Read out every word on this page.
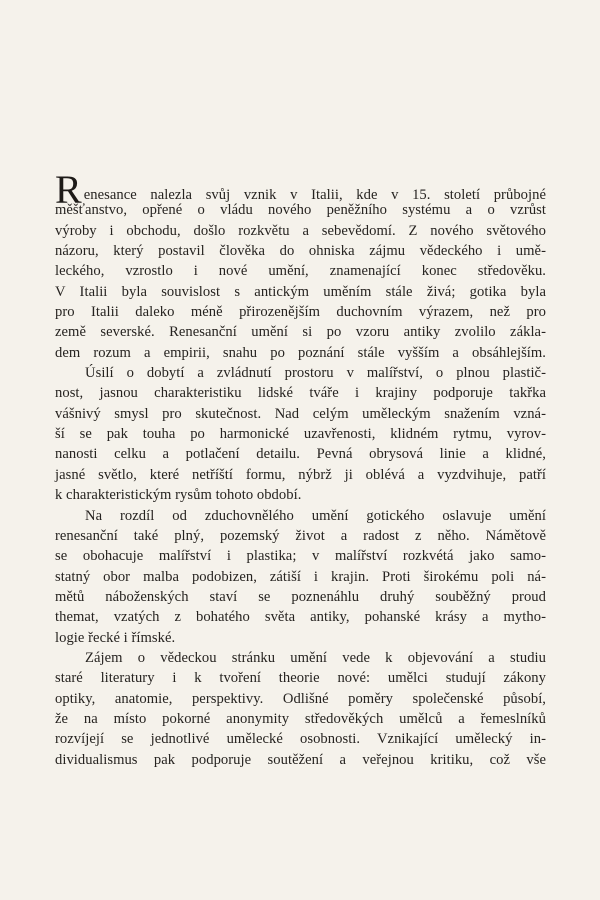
Renesance nalezla svůj vznik v Italii, kde v 15. století průbojné
měšťanstvo, opřené o vládu nového peněžního systému a o vzrůst
výroby i obchodu, došlo rozkvětu a sebevědomí. Z nového světového
názoru, který postavil člověka do ohniska zájmu vědeckého i umě-
leckého, vzrostlo i nové umění, znamenající konec středověku.
V Italii byla souvislost s antickým uměním stále živá; gotika byla
pro Italii daleko méně přirozenějším duchovním výrazem, než pro
země severské. Renesanční umění si po vzoru antiky zvolilo zákla-
dem rozum a empirii, snahu po poznání stále vyšším a obsáhlejším.
Úsilí o dobytí a zvládnutí prostoru v malířství, o plnou plastič-
nost, jasnou charakteristiku lidské tváře i krajiny podporuje takřka
vášnivý smysl pro skutečnost. Nad celým uměleckým snažením vzná-
ší se pak touha po harmonické uzavřenosti, klidném rytmu, vyrov-
nanosti celku a potlačení detailu. Pevná obrysová linie a klidné,
jasné světlo, které netříští formu, nýbrž ji oblévá a vyzdvihuje, patří
k charakteristickým rysům tohoto období.
Na rozdíl od zduchovnělého umění gotického oslavuje umění
renesanční také plný, pozemský život a radost z něho. Námětově
se obohacuje malířství i plastika; v malířství rozkvétá jako samo-
statný obor malba podobizen, zátiší i krajin. Proti širokému poli ná-
mětů náboženských staví se poznenáhlu druhý souběžný proud
themat, vzatých z bohatého světa antiky, pohanské krásy a mytho-
logie řecké i římské.
Zájem o vědeckou stránku umění vede k objevování a studiu
staré literatury i k tvoření theorie nové: umělci studují zákony
optiky, anatomie, perspektivy. Odlišné poměry společenské působí,
že na místo pokorné anonymity středověkých umělců a řemeslníků
rozvíjejí se jednotlivé umělecké osobnosti. Vznikající umělecký in-
dividualismus pak podporuje soutěžení a veřejnou kritiku, což vše
